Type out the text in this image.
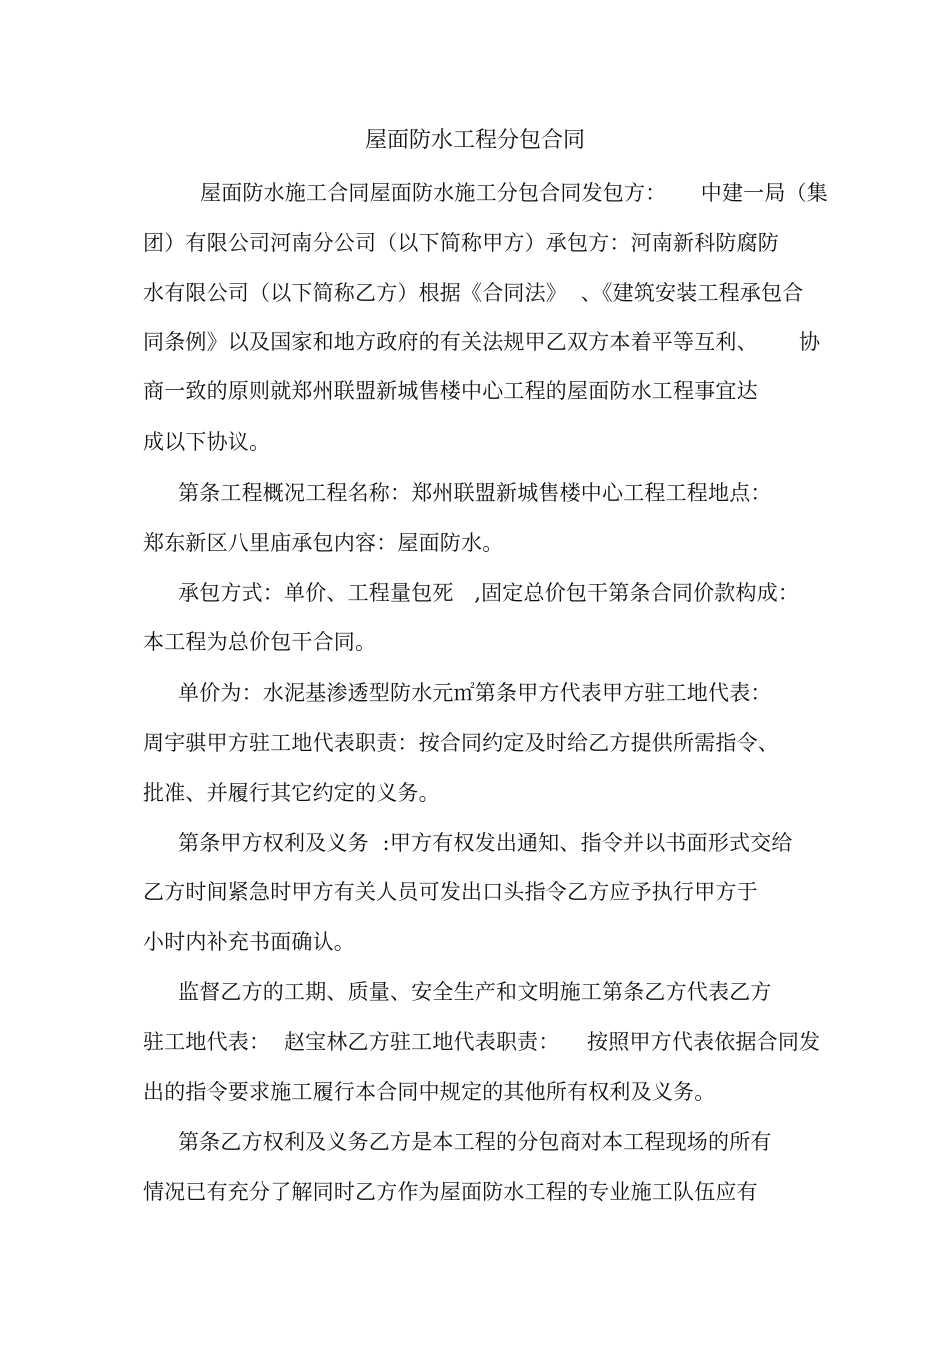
屋面防水工程分包合同
屋面防水施工合同屋面防水施工分包合同发包方：     中建一局（集
团）有限公司河南分公司（以下简称甲方）承包方：河南新科防腐防
水有限公司（以下简称乙方）根据《合同法》  、《建筑安装工程承包合
同条例》以及国家和地方政府的有关法规甲乙双方本着平等互利、      协
商一致的原则就郑州联盟新城售楼中心工程的屋面防水工程事宜达
成以下协议。
第条工程概况工程名称：郑州联盟新城售楼中心工程工程地点：
郑东新区八里庙承包内容：屋面防水。
承包方式：单价、工程量包死   ,固定总价包干第条合同价款构成：
本工程为总价包干合同。
单价为：水泥基渗透型防水元㎡第条甲方代表甲方驻工地代表：
周宇骐甲方驻工地代表职责：按合同约定及时给乙方提供所需指令、
批准、并履行其它约定的义务。
第条甲方权利及义务  :甲方有权发出通知、指令并以书面形式交给
乙方时间紧急时甲方有关人员可发出口头指令乙方应予执行甲方于
小时内补充书面确认。
监督乙方的工期、质量、安全生产和文明施工第条乙方代表乙方
驻工地代表：  赵宝林乙方驻工地代表职责：    按照甲方代表依据合同发
出的指令要求施工履行本合同中规定的其他所有权利及义务。
第条乙方权利及义务乙方是本工程的分包商对本工程现场的所有
情况已有充分了解同时乙方作为屋面防水工程的专业施工队伍应有
